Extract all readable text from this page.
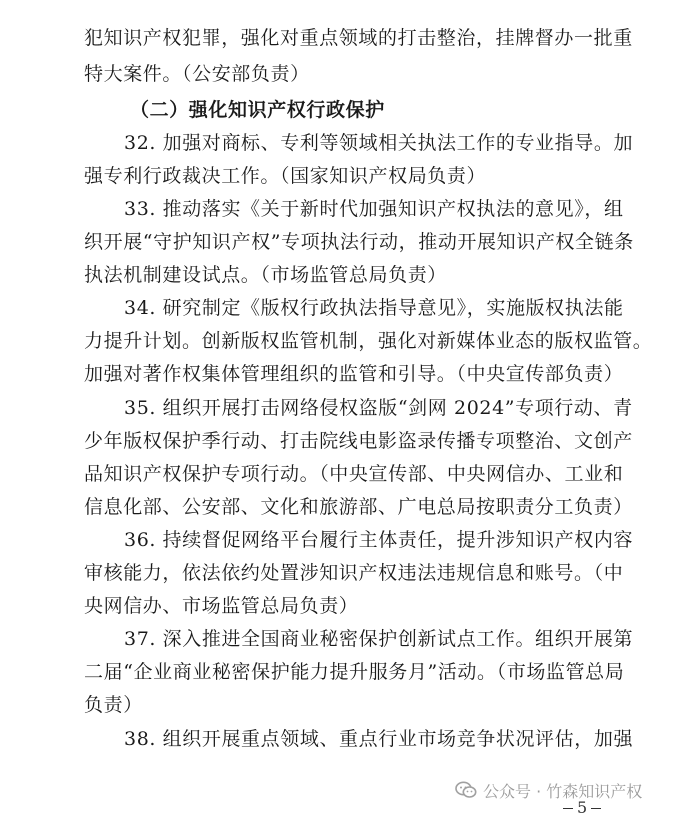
犯知识产权犯罪，强化对重点领域的打击整治，挂牌督办一批重
特大案件。（公安部负责）
（二）强化知识产权行政保护
32. 加强对商标、专利等领域相关执法工作的专业指导。加
强专利行政裁决工作。（国家知识产权局负责）
33. 推动落实《关于新时代加强知识产权执法的意见》，组
织开展“守护知识产权”专项执法行动，推动开展知识产权全链条
执法机制建设试点。（市场监管总局负责）
34. 研究制定《版权行政执法指导意见》，实施版权执法能
力提升计划。创新版权监管机制，强化对新媒体业态的版权监管。
加强对著作权集体管理组织的监管和引导。（中央宣传部负责）
35. 组织开展打击网络侵权盗版“剑网 2024”专项行动、青
少年版权保护季行动、打击院线电影盗录传播专项整治、文创产
品知识产权保护专项行动。（中央宣传部、中央网信办、工业和
信息化部、公安部、文化和旅游部、广电总局按职责分工负责）
36. 持续督促网络平台履行主体责任，提升涉知识产权内容
审核能力，依法依约处置涉知识产权违法违规信息和账号。（中
央网信办、市场监管总局负责）
37. 深入推进全国商业秘密保护创新试点工作。组织开展第
二届“企业商业秘密保护能力提升服务月”活动。（市场监管总局
负责）
38. 组织开展重点领域、重点行业市场竞争状况评估，加强
公众号 · 竹森知识产权
5
